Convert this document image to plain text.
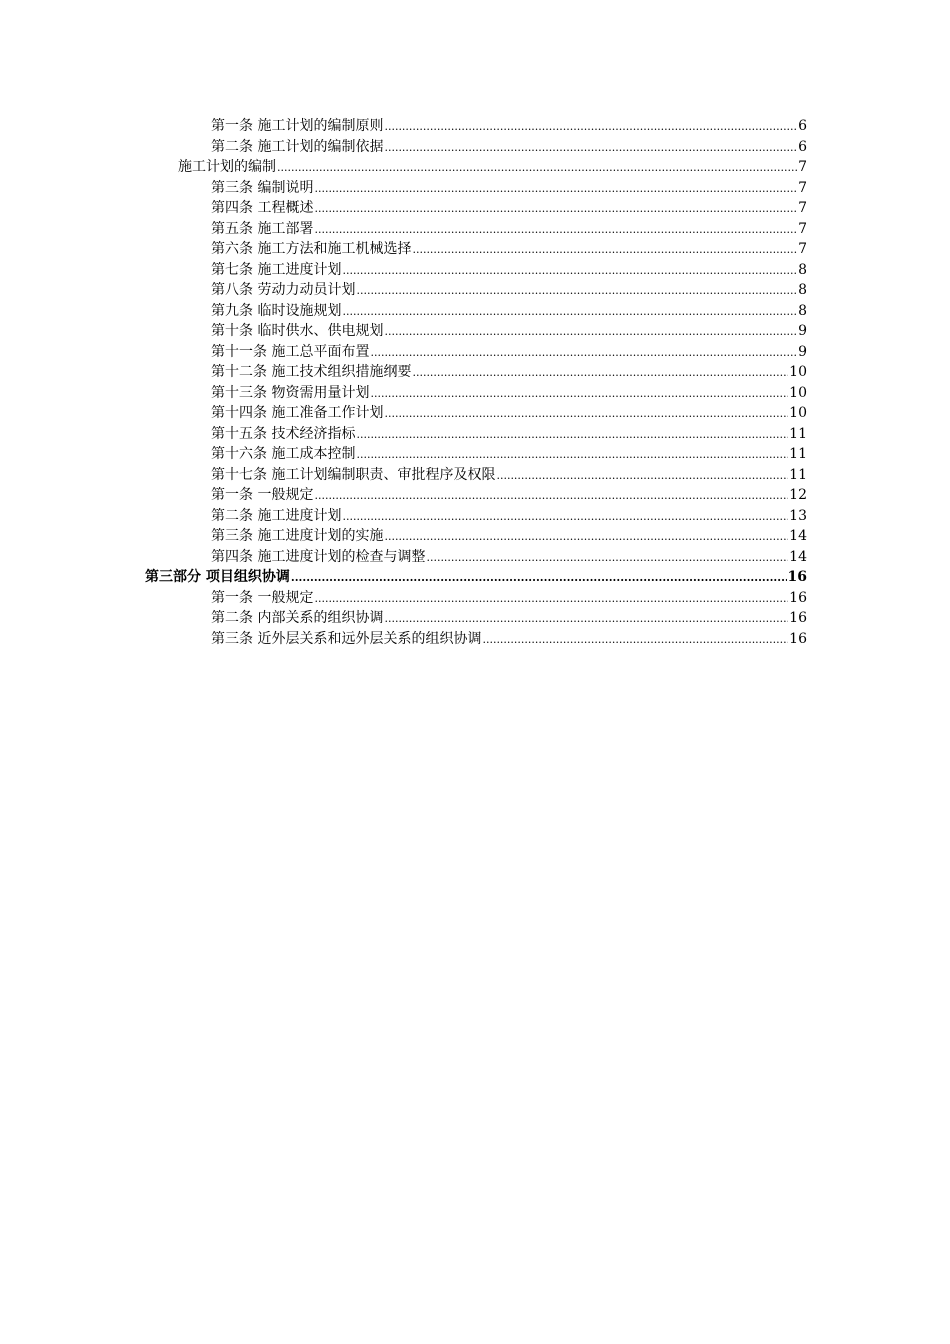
第一条 施工计划的编制原则 .....	6
第二条 施工计划的编制依据 .....	6
施工计划的编制 .....	7
第三条 编制说明 .....	7
第四条 工程概述 .....	7
第五条 施工部署 .....	7
第六条 施工方法和施工机械选择 .....	7
第七条 施工进度计划 .....	8
第八条 劳动力动员计划 .....	8
第九条 临时设施规划 .....	8
第十条 临时供水、供电规划 .....	9
第十一条 施工总平面布置 .....	9
第十二条 施工技术组织措施纲要 .....	10
第十三条 物资需用量计划 .....	10
第十四条 施工准备工作计划 .....	10
第十五条 技术经济指标 .....	11
第十六条 施工成本控制 .....	11
第十七条 施工计划编制职责、审批程序及权限 .....	11
第一条 一般规定 .....	12
第二条 施工进度计划 .....	13
第三条 施工进度计划的实施 .....	14
第四条 施工进度计划的检查与调整 .....	14
第三部分 项目组织协调 .....	16
第一条 一般规定 .....	16
第二条 内部关系的组织协调 .....	16
第三条 近外层关系和远外层关系的组织协调 .....	16
